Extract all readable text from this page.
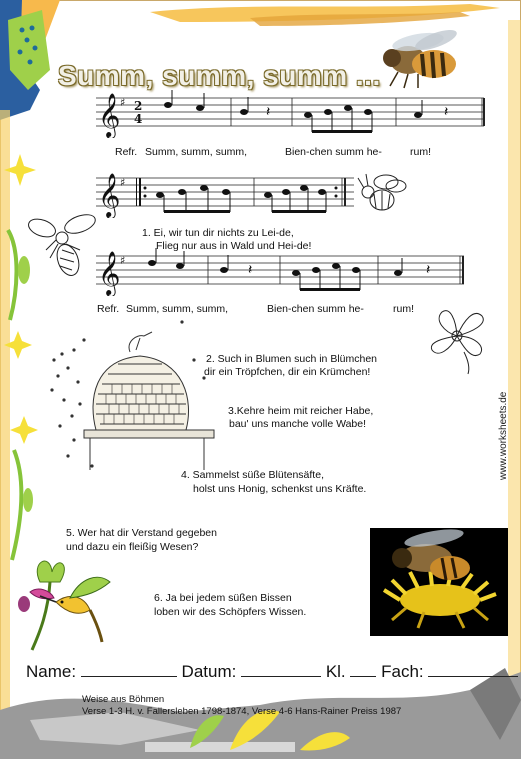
Summ, summ, summ ...
𝄞 ♯ 2
4	𝄽	𝄽
Refr. Summ, summ, summ,	Bien-chen summ he-	rum!
𝄞 ♯
1. Ei, wir tun dir nichts zu Lei-de,
Flieg nur aus in Wald und Hei-de!
𝄞 ♯
𝄽	𝄽
Refr. Summ, summ, summ,	Bien-chen summ he-	rum!
2. Such in Blumen such in Blümchen
dir ein Tröpfchen, dir ein Krümchen!
3.Kehre heim mit reicher Habe,
bau' uns manche volle Wabe!
4. Sammelst süße Blütensäfte,
holst uns Honig, schenkst uns Kräfte.
5. Wer hat dir Verstand gegeben
und dazu ein fleißig Wesen?
6. Ja bei jedem süßen Bissen
loben wir des Schöpfers Wissen.
Name:	Datum:	Kl. Fach:
Weise aus Böhmen
Verse 1-3 H. v. Fallersleben 1798-1874, Verse 4-6 Hans-Rainer Preiss 1987
www.worksheets.de
